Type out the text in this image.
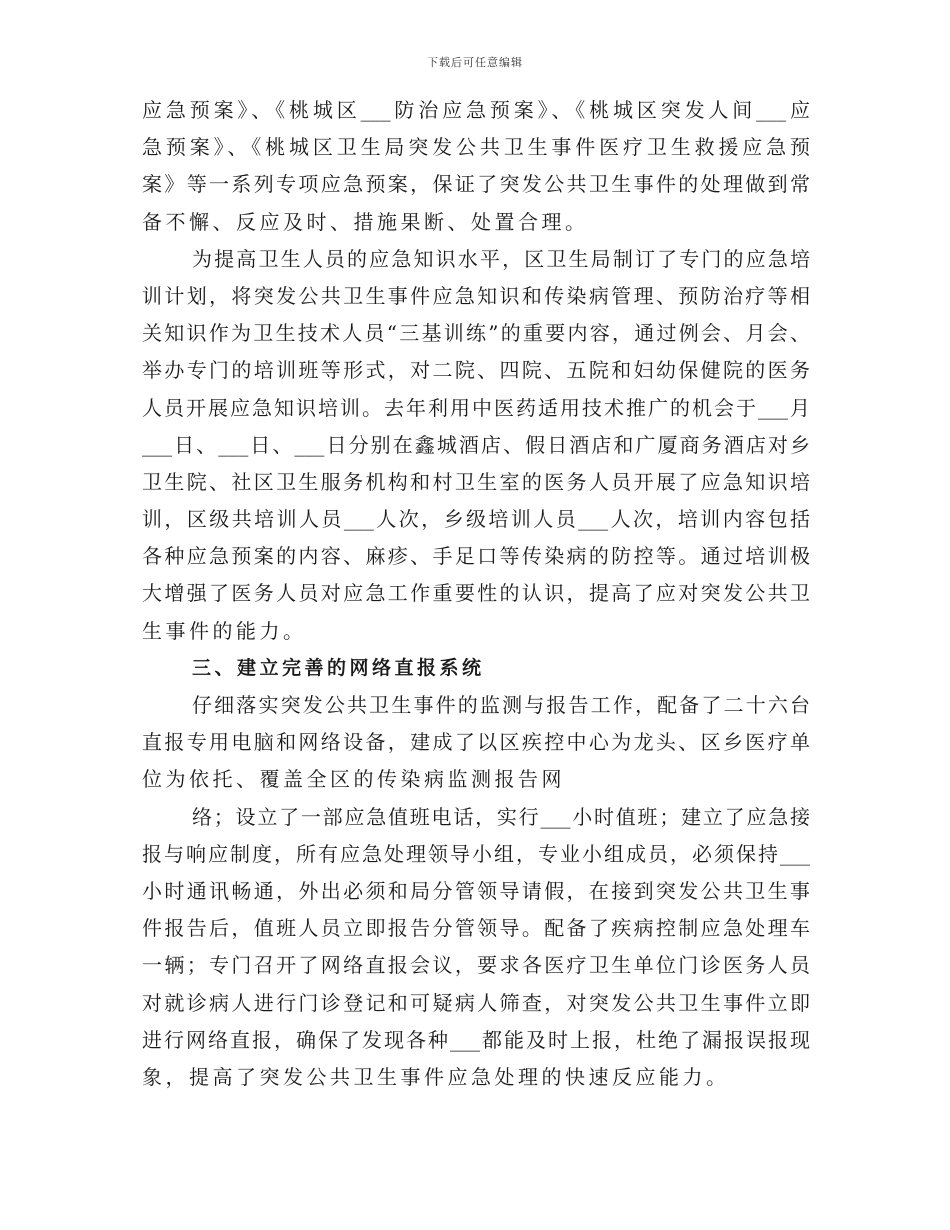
下载后可任意编辑
应急预案》、《桃城区___防治应急预案》、《桃城区突发人间___应
急预案》、《桃城区卫生局突发公共卫生事件医疗卫生救援应急预
案》等一系列专项应急预案，保证了突发公共卫生事件的处理做到常
备不懈、反应及时、措施果断、处置合理。
为提高卫生人员的应急知识水平，区卫生局制订了专门的应急培
训计划，将突发公共卫生事件应急知识和传染病管理、预防治疗等相
关知识作为卫生技术人员“三基训练”的重要内容，通过例会、月会、
举办专门的培训班等形式，对二院、四院、五院和妇幼保健院的医务
人员开展应急知识培训。去年利用中医药适用技术推广的机会于___月
___日、___日、___日分别在鑫城酒店、假日酒店和广厦商务酒店对乡
卫生院、社区卫生服务机构和村卫生室的医务人员开展了应急知识培
训，区级共培训人员___人次，乡级培训人员___人次，培训内容包括
各种应急预案的内容、麻疹、手足口等传染病的防控等。通过培训极
大增强了医务人员对应急工作重要性的认识，提高了应对突发公共卫
生事件的能力。
三、建立完善的网络直报系统
仔细落实突发公共卫生事件的监测与报告工作，配备了二十六台
直报专用电脑和网络设备，建成了以区疾控中心为龙头、区乡医疗单
位为依托、覆盖全区的传染病监测报告网
络；设立了一部应急值班电话，实行___小时值班；建立了应急接
报与响应制度，所有应急处理领导小组，专业小组成员，必须保持___
小时通讯畅通，外出必须和局分管领导请假，在接到突发公共卫生事
件报告后，值班人员立即报告分管领导。配备了疾病控制应急处理车
一辆；专门召开了网络直报会议，要求各医疗卫生单位门诊医务人员
对就诊病人进行门诊登记和可疑病人筛查，对突发公共卫生事件立即
进行网络直报，确保了发现各种___都能及时上报，杜绝了漏报误报现
象，提高了突发公共卫生事件应急处理的快速反应能力。
